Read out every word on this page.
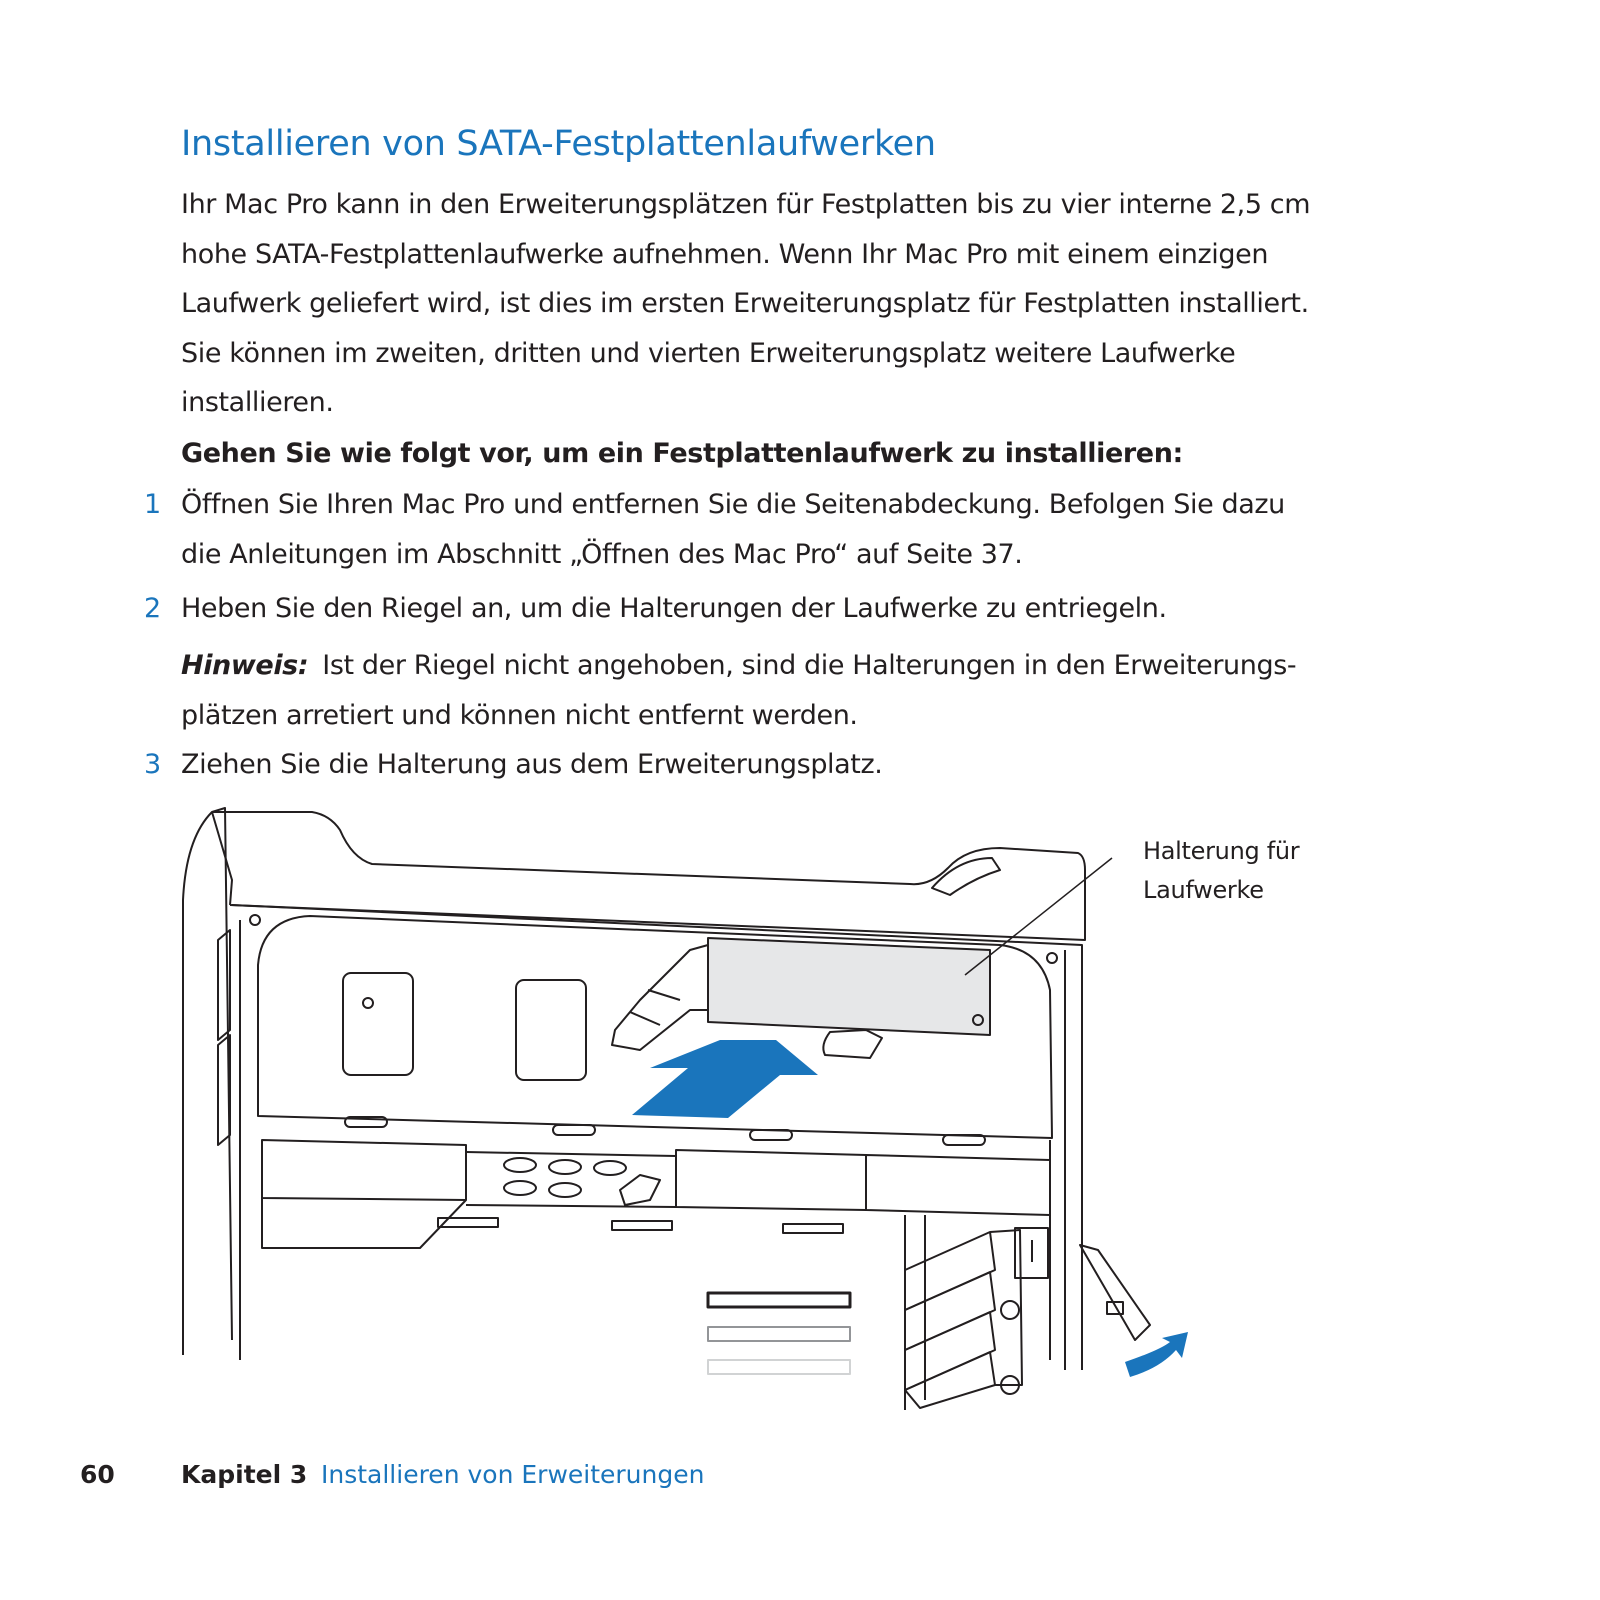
Installieren von SATA-Festplattenlaufwerken

Ihr Mac Pro kann in den Erweiterungsplätzen für Festplatten bis zu vier interne 2,5 cm
hohe SATA-Festplattenlaufwerke aufnehmen. Wenn Ihr Mac Pro mit einem einzigen
Laufwerk geliefert wird, ist dies im ersten Erweiterungsplatz für Festplatten installiert.
Sie können im zweiten, dritten und vierten Erweiterungsplatz weitere Laufwerke
installieren.

Gehen Sie wie folgt vor, um ein Festplattenlaufwerk zu installieren:

1 Öffnen Sie Ihren Mac Pro und entfernen Sie die Seitenabdeckung. Befolgen Sie dazu
die Anleitungen im Abschnitt „Öffnen des Mac Pro“ auf Seite 37.
2 Heben Sie den Riegel an, um die Halterungen der Laufwerke zu entriegeln.
Hinweis: Ist der Riegel nicht angehoben, sind die Halterungen in den Erweiterungs-
plätzen arretiert und können nicht entfernt werden.
3 Ziehen Sie die Halterung aus dem Erweiterungsplatz.
Halterung für
Laufwerke
60	Kapitel 3 Installieren von Erweiterungen
